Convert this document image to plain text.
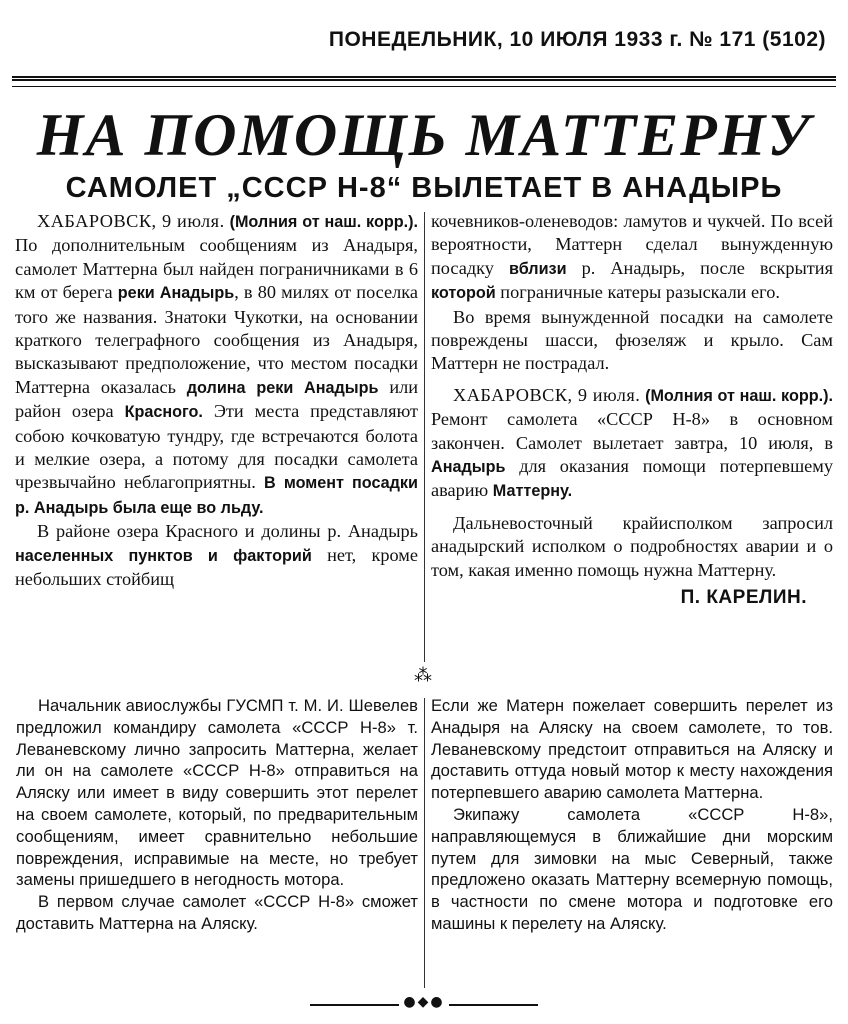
ПОНЕДЕЛЬНИК, 10 ИЮЛЯ 1933 г. № 171 (5102)
НА ПОМОЩЬ МАТТЕРНУ
САМОЛЕТ „СССР Н-8“ ВЫЛЕТАЕТ В АНАДЫРЬ

ХАБАРОВСК, 9 июля. (Молния от наш. корр.). По дополнительным сообщениям из Анадыря, самолет Маттерна был найден пограничниками в 6 км от берега реки Анадырь, в 80 милях от поселка того же названия. Знатоки Чукотки, на основании краткого телеграфного сообщения из Анадыря, высказывают предположение, что местом посадки Маттерна оказалась долина реки Анадырь или район озера Красного. Эти места представляют собою кочковатую тундру, где встречаются болота и мелкие озера, а потому для посадки самолета чрезвычайно неблагоприятны. В момент посадки р. Анадырь была еще во льду.

В районе озера Красного и долины р. Анадырь населенных пунктов и факторий нет, кроме небольших стойбищ

кочевников-оленеводов: ламутов и чукчей. По всей вероятности, Маттерн сделал вынужденную посадку вблизи р. Анадырь, после вскрытия которой пограничные катеры разыскали его.

Во время вынужденной посадки на самолете повреждены шасси, фюзеляж и крыло. Сам Маттерн не пострадал.

ХАБАРОВСК, 9 июля. (Молния от наш. корр.). Ремонт самолета «СССР Н-8» в основном закончен. Самолет вылетает завтра, 10 июля, в Анадырь для оказания помощи потерпевшему аварию Маттерну.

Дальневосточный крайисполком запросил анадырский исполком о подробностях аварии и о том, какая именно помощь нужна Маттерну.

П. КАРЕЛИН.
⁂

Начальник авиослужбы ГУСМП т. М. И. Шевелев предложил командиру самолета «СССР Н-8» т. Леваневскому лично запросить Маттерна, желает ли он на самолете «СССР Н-8» отправиться на Аляску или имеет в виду совершить этот перелет на своем самолете, который, по предварительным сообщениям, имеет сравнительно небольшие повреждения, исправимые на месте, но требует замены пришедшего в негодность мотора.

В первом случае самолет «СССР Н-8» сможет доставить Маттерна на Аляску.

Если же Матерн пожелает совершить перелет из Анадыря на Аляску на своем самолете, то тов. Леваневскому предстоит отправиться на Аляску и доставить оттуда новый мотор к месту нахождения потерпевшего аварию самолета Маттерна.

Экипажу самолета «СССР Н-8», направляющемуся в ближайшие дни морским путем для зимовки на мыс Северный, также предложено оказать Маттерну всемерную помощь, в частности по смене мотора и подготовке его машины к перелету на Аляску.

●◆●
